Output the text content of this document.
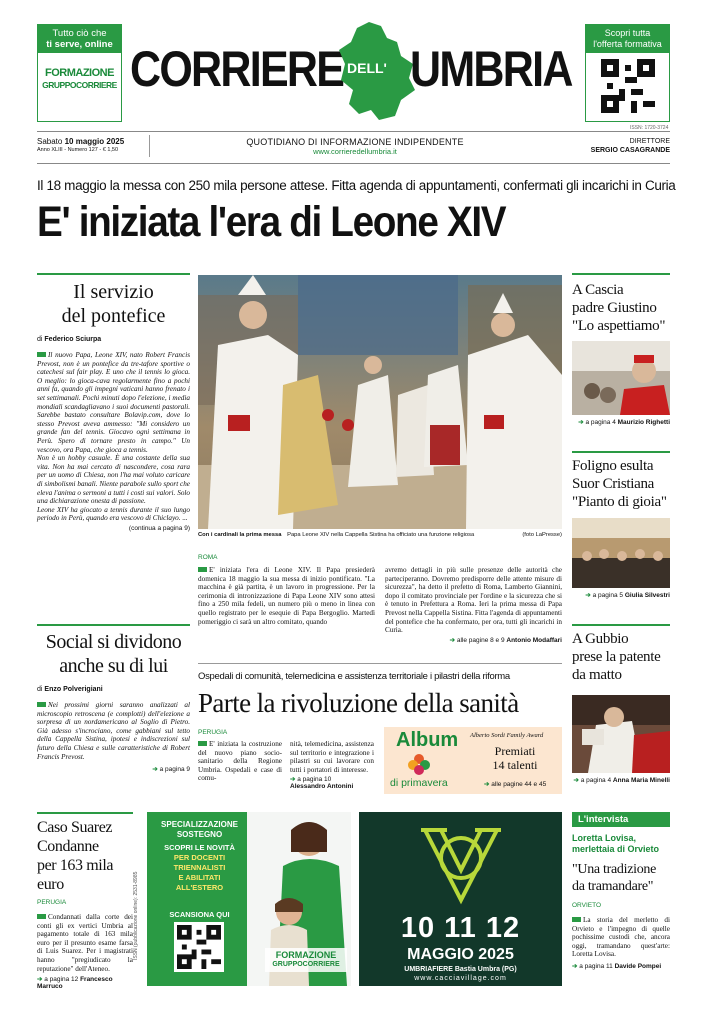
Tutto ciò che
ti serve, online
FORMAZIONE
GRUPPOCORRIERE CORRIERE DELL' UMBRIA
Scopri tutta
l'offerta formativa
ISSN: 1720-3724
Sabato 10 maggio 2025
Anno XLIII - Numero 127 - € 1,50
QUOTIDIANO DI INFORMAZIONE INDIPENDENTE
www.corrieredellumbria.it
DIRETTORE
SERGIO CASAGRANDE
Il 18 maggio la messa con 250 mila persone attese. Fitta agenda di appuntamenti, confermati gli incarichi in Curia
E' iniziata l'era di Leone XIV
Il servizio
del pontefice
di Federico Sciurpa

Il nuovo Papa, Leone XIV, nato Robert Francis Prevost, non è un pontefice da tre-tafore sportive o catechesi sul fair play. E uno che il tennis lo gioca. O meglio: lo gioca-cava regolarmente fino a pochi anni fa, quando gli impegni vaticani hanno frenato i set settimanali. Pochi minuti dopo l'elezione, i media mondiali scandagliavano i suoi documenti pastorali. Sarebbe bastato consultare Bolavip.com, dove lo stesso Prevost aveva ammesso: "Mi considero un grande fan del tennis. Giocavo ogni settimana in Perù. Spero di tornare presto in campo." Un vescovo, ora Papa, che gioca a tennis.

Non è un hobby casuale. È una costante della sua vita. Non ha mai cercato di nascondere, cosa rara per un uomo di Chiesa, non l'ha mai voluto caricare di simbolismi banali. Niente parabole sullo sport che eleva l'anima o sermoni a tutti i costi sui valori. Solo una dichiarazione onesta di passione.

Leone XIV ha giocato a tennis durante il suo lungo periodo in Perù, quando era vescovo di Chiclayo. ...

(continua a pagina 9)
Social si dividono
anche su di lui
di Enzo Polverigiani

Nei prossimi giorni saranno analizzati al microscopio retroscena (e complotti) dell'elezione a sorpresa di un nordamericano al Soglio di Pietro. Già adesso s'incrociano, come gabbiani sul tetto della Cappella Sistina, ipotesi e indiscrezioni sul futuro della Chiesa e sulle caratteristiche di Robert Francis Prevost.

➔ a pagina 9
Caso Suarez
Condanne
per 163 mila euro
PERUGIA

Condannati dalla corte dei conti gli ex vertici Umbria al pagamento totale di 163 mila euro per il presunto esame farsa di Luis Suarez. Per i magistrati hanno "pregiudicato la reputazione" dell'Ateneo.

➔ a pagina 12 Francesco Marruco
ISSN (pubblicazione online): 2531-8985
Con i cardinali la prima messa Papa Leone XIV nella Cappella Sistina ha officiato una funzione religiosa	(foto LaPresse)
ROMA

E' iniziata l'era di Leone XIV. Il Papa presiederà domenica 18 maggio la sua messa di inizio pontificato. "La macchina è già partita, è un lavoro in progressione. Per la cerimonia di intronizzazione di Papa Leone XIV sono attesi fino a 250 mila fedeli, un numero più o meno in linea con quello registrato per le esequie di Papa Bergoglio. Martedì pomeriggio ci sarà un altro comitato, quando

avremo dettagli in più sulle presenze delle autorità che parteciperanno. Dovremo predisporre delle attente misure di sicurezza", ha detto il prefetto di Roma, Lamberto Giannini, dopo il comitato provinciale per l'ordine e la sicurezza che si è tenuto in Prefettura a Roma. Ieri la prima messa di Papa Prevost nella Cappella Sistina. Fitta l'agenda di appuntamenti del pontefice che ha confermato, per ora, tutti gli incarichi in Curia.

➔ alle pagine 8 e 9 Antonio Modaffari
Ospedali di comunità, telemedicina e assistenza territoriale i pilastri della riforma
Parte la rivoluzione della sanità
PERUGIA

E' iniziata la costruzione del nuovo piano socio-sanitario della Regione Umbria. Ospedali e case di comu-

nità, telemedicina, assistenza sul territorio e integrazione i pilastri su cui lavorare con tutti i portatori di interesse.

➔ a pagina 10
Alessandro Antonini
Album
di primavera
Alberto Sordi Family Award
Premiati
14 talenti
➔ alle pagine 44 e 45
A Cascia
padre Giustino
"Lo aspettiamo"
➔ a pagina 4 Maurizio Righetti
Foligno esulta
Suor Cristiana
"Pianto di gioia"
➔ a pagina 5 Giulia Silvestri
A Gubbio
prese la patente
da matto
➔ a pagina 4 Anna Maria Minelli
L'intervista
Loretta Lovisa,
merlettaia di Orvieto
"Una tradizione
da tramandare"
ORVIETO

La storia del merletto di Orvieto e l'impegno di quelle pochissime custodi che, ancora oggi, tramandano quest'arte: Loretta Lovisa.

➔ a pagina 11 Davide Pompei
SPECIALIZZAZIONE
SOSTEGNO
SCOPRI LE NOVITÀ
PER DOCENTI
TRIENNALISTI
E ABILITATI
ALL'ESTERO
SCANSIONA QUI
FORMAZIONE
GRUPPOCORRIERE
10 11 12
MAGGIO 2025
UMBRIAFIERE Bastia Umbra (PG)
www.cacciavillage.com
